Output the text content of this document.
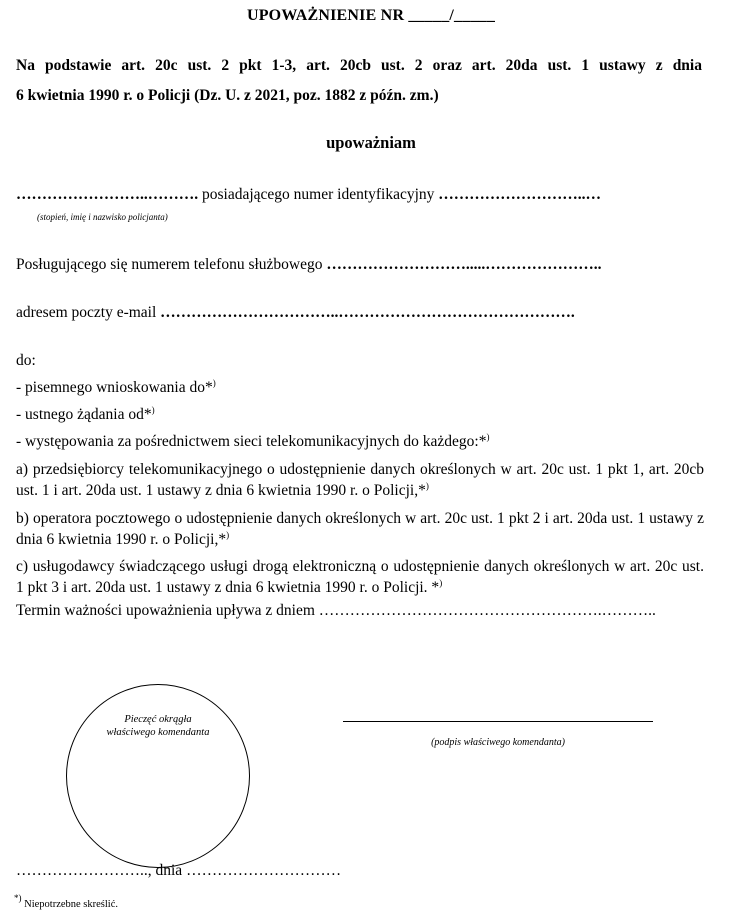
UPOWAŻNIENIE NR _____/_____
Na podstawie art. 20c ust. 2 pkt 1-3, art. 20cb ust. 2 oraz art. 20da ust. 1 ustawy z dnia
6 kwietnia 1990 r. o Policji (Dz. U. z 2021, poz. 1882 z późn. zm.)
upoważniam
……………………..………. posiadającego numer identyfikacyjny ………………………..…
(stopień, imię i nazwisko policjanta)
Posługującego się numerem telefonu służbowego ……………………….....…………………..
adresem poczty e-mail ……………………………..……………………………………….
do:
- pisemnego wnioskowania do*)
- ustnego żądania od*)
- występowania za pośrednictwem sieci telekomunikacyjnych do każdego:*)
a) przedsiębiorcy telekomunikacyjnego o udostępnienie danych określonych w art. 20c ust. 1 pkt 1, art. 20cb ust. 1 i art. 20da ust. 1 ustawy z dnia 6 kwietnia 1990 r. o Policji,*)
b) operatora pocztowego o udostępnienie danych określonych w art. 20c ust. 1 pkt 2 i art. 20da ust. 1 ustawy z dnia 6 kwietnia 1990 r. o Policji,*)
c) usługodawcy świadczącego usługi drogą elektroniczną o udostępnienie danych określonych w art. 20c ust. 1 pkt 3 i art. 20da ust. 1 ustawy z dnia 6 kwietnia 1990 r. o Policji. *)
Termin ważności upoważnienia upływa z dniem ……………………………………………….………..
Pieczęć okrągła
właściwego komendanta
(podpis właściwego komendanta)
…………………….., dnia …………………………
*) Niepotrzebne skreślić.
